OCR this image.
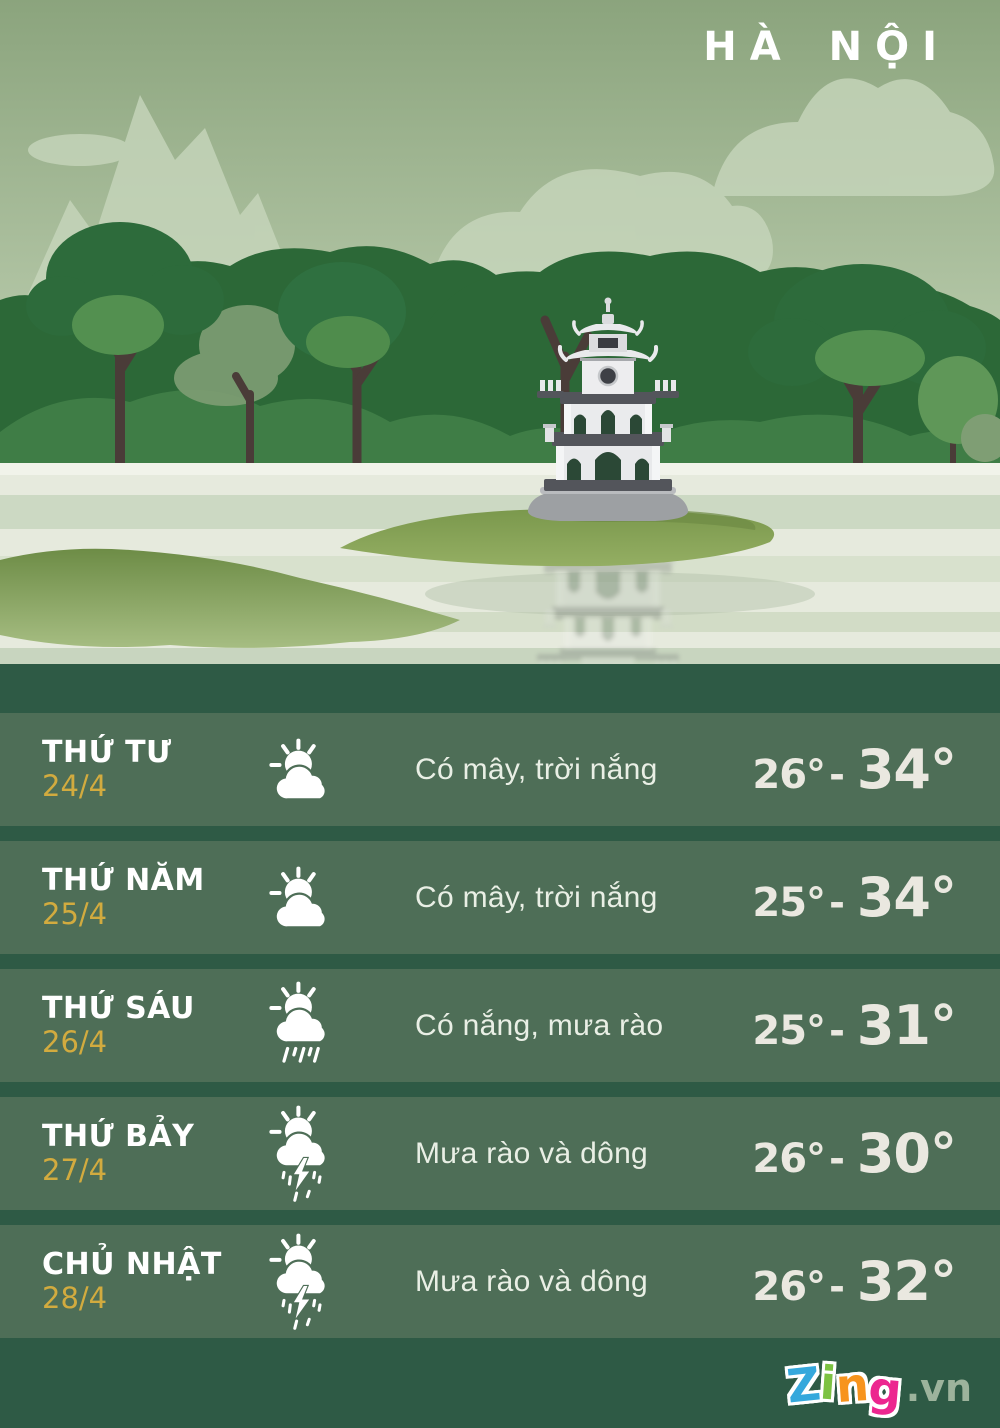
HÀ NỘI
THỨ TƯ
24/4	Có mây, trời nắng	26° - 34°
THỨ NĂM
25/4	Có mây, trời nắng	25° - 34°
THỨ SÁU
26/4	Có nắng, mưa rào	25° - 31°
THỨ BẢY
27/4	Mưa rào và dông	26° - 30°
CHỦ NHẬT
28/4	Mưa rào và dông	26° - 32°
Z
i
n
g .vn
